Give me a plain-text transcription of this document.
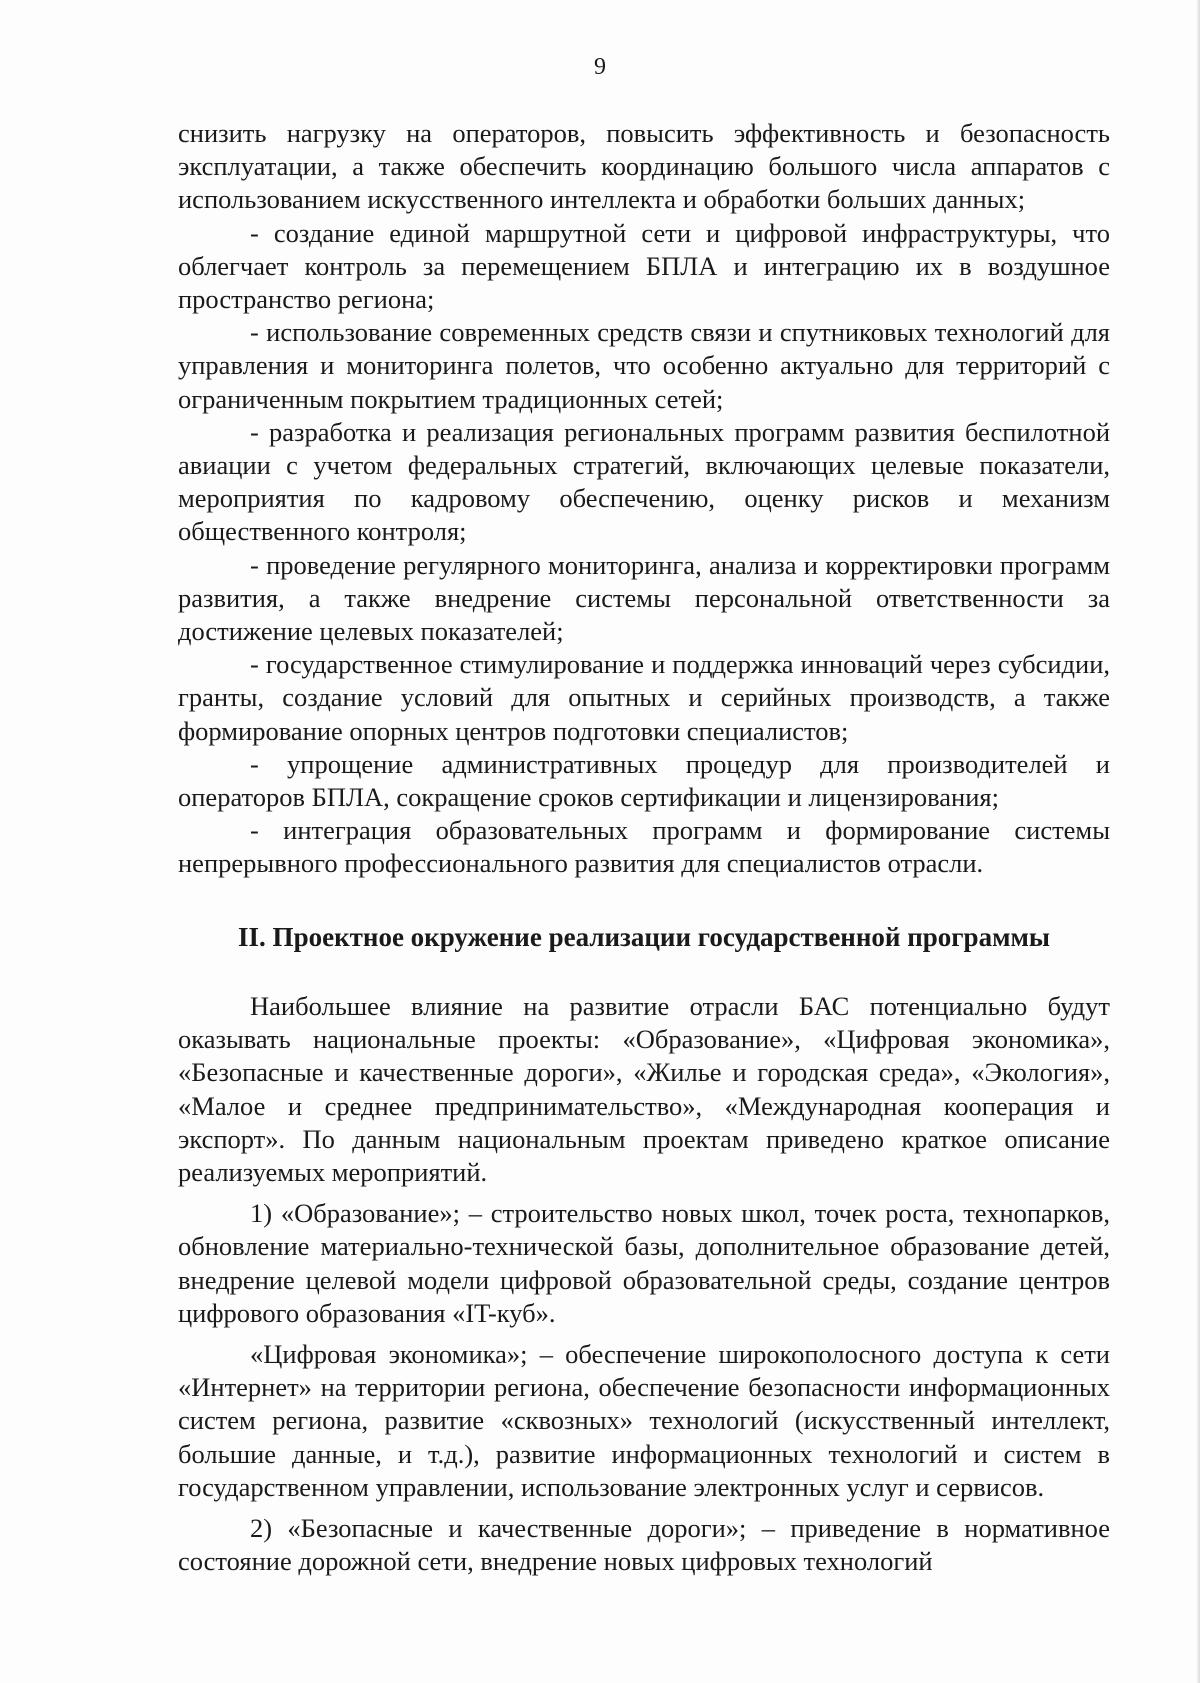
9

снизить нагрузку на операторов, повысить эффективность и безопасность эксплуатации, а также обеспечить координацию большого числа аппаратов с использованием искусственного интеллекта и обработки больших данных;

- создание единой маршрутной сети и цифровой инфраструктуры, что облегчает контроль за перемещением БПЛА и интеграцию их в воздушное пространство региона;

- использование современных средств связи и спутниковых технологий для управления и мониторинга полетов, что особенно актуально для территорий с ограниченным покрытием традиционных сетей;

- разработка и реализация региональных программ развития беспилотной авиации с учетом федеральных стратегий, включающих целевые показатели, мероприятия по кадровому обеспечению, оценку рисков и механизм общественного контроля;

- проведение регулярного мониторинга, анализа и корректировки программ развития, а также внедрение системы персональной ответственности за достижение целевых показателей;

- государственное стимулирование и поддержка инноваций через субсидии, гранты, создание условий для опытных и серийных производств, а также формирование опорных центров подготовки специалистов;

- упрощение административных процедур для производителей и операторов БПЛА, сокращение сроков сертификации и лицензирования;

- интеграция образовательных программ и формирование системы непрерывного профессионального развития для специалистов отрасли.

II. Проектное окружение реализации государственной программы

Наибольшее влияние на развитие отрасли БАС потенциально будут оказывать национальные проекты: «Образование», «Цифровая экономика», «Безопасные и качественные дороги», «Жилье и городская среда», «Экология», «Малое и среднее предпринимательство», «Международная кооперация и экспорт». По данным национальным проектам приведено краткое описание реализуемых мероприятий.

1) «Образование»; – строительство новых школ, точек роста, технопарков, обновление материально-технической базы, дополнительное образование детей, внедрение целевой модели цифровой образовательной среды, создание центров цифрового образования «IT-куб».

«Цифровая экономика»; – обеспечение широкополосного доступа к сети «Интернет» на территории региона, обеспечение безопасности информационных систем региона, развитие «сквозных» технологий (искусственный интеллект, большие данные, и т.д.), развитие информационных технологий и систем в государственном управлении, использование электронных услуг и сервисов.

2) «Безопасные и качественные дороги»; – приведение в нормативное состояние дорожной сети, внедрение новых цифровых технологий
